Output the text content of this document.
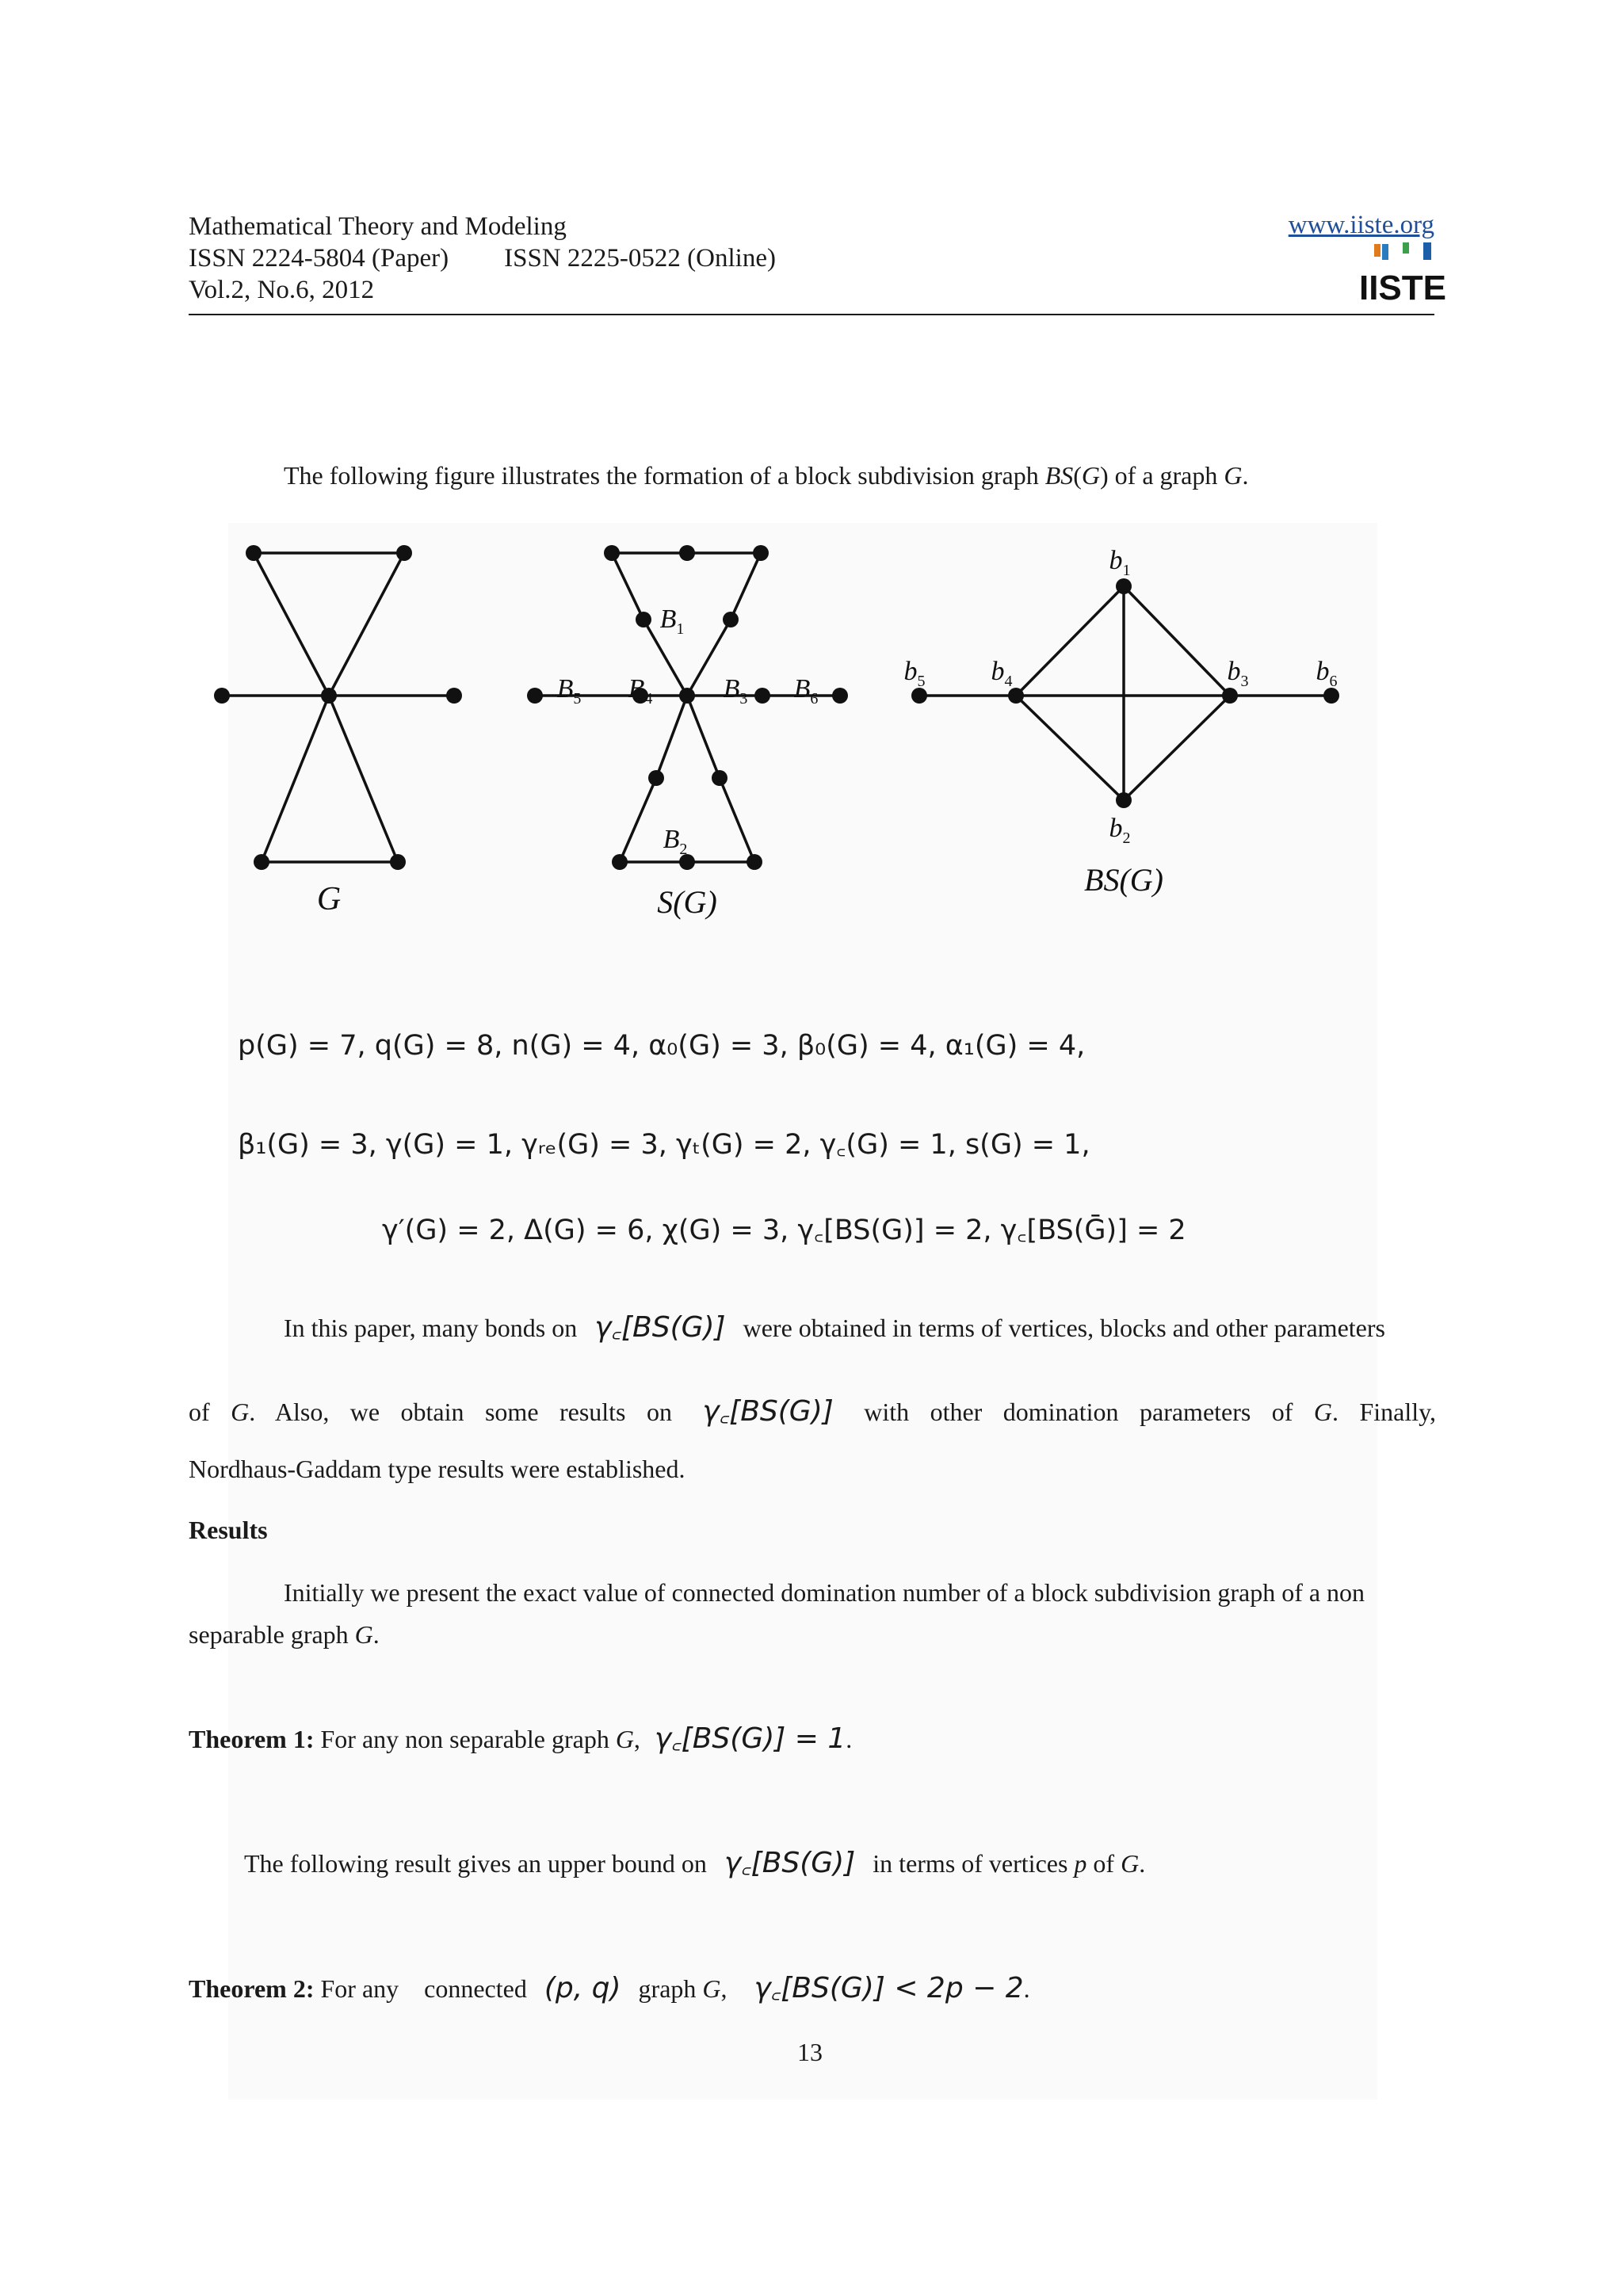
Mathematical Theory and Modeling
ISSN 2224-5804 (Paper) ISSN 2225-0522 (Online)
Vol.2, No.6, 2012
www.iiste.org
IISTE
The following figure illustrates the formation of a block subdivision graph BS(G) of a graph G.
G
$B_1$
$B_2$
$B_3$
$B_4$
$B_5$	$B_6$
S(G)
$b_1$
$b_2$
$b_3$
$b_4$
$b_5$	$b_6$
BS(G)
p(G) = 7, q(G) = 8, n(G) = 4, α₀(G) = 3, β₀(G) = 4, α₁(G) = 4,
β₁(G) = 3, γ(G) = 1, γᵣₑ(G) = 3, γₜ(G) = 2, γ꜀(G) = 1, s(G) = 1,
γ′(G) = 2, Δ(G) = 6, χ(G) = 3, γ꜀[BS(G)] = 2, γ꜀[BS(Ḡ)] = 2
In this paper, many bonds on γ꜀[BS(G)] were obtained in terms of vertices, blocks and other parameters
of G. Also, we obtain some results on γ꜀[BS(G)] with other domination parameters of G. Finally,
Nordhaus-Gaddam type results were established.
Results
Initially we present the exact value of connected domination number of a block subdivision graph of a non
separable graph G.
Theorem 1: For any non separable graph G, γ꜀[BS(G)] = 1.
The following result gives an upper bound on γ꜀[BS(G)] in terms of vertices p of G.
Theorem 2: For any    connected (p, q) graph G, γ꜀[BS(G)] < 2p − 2.
13
